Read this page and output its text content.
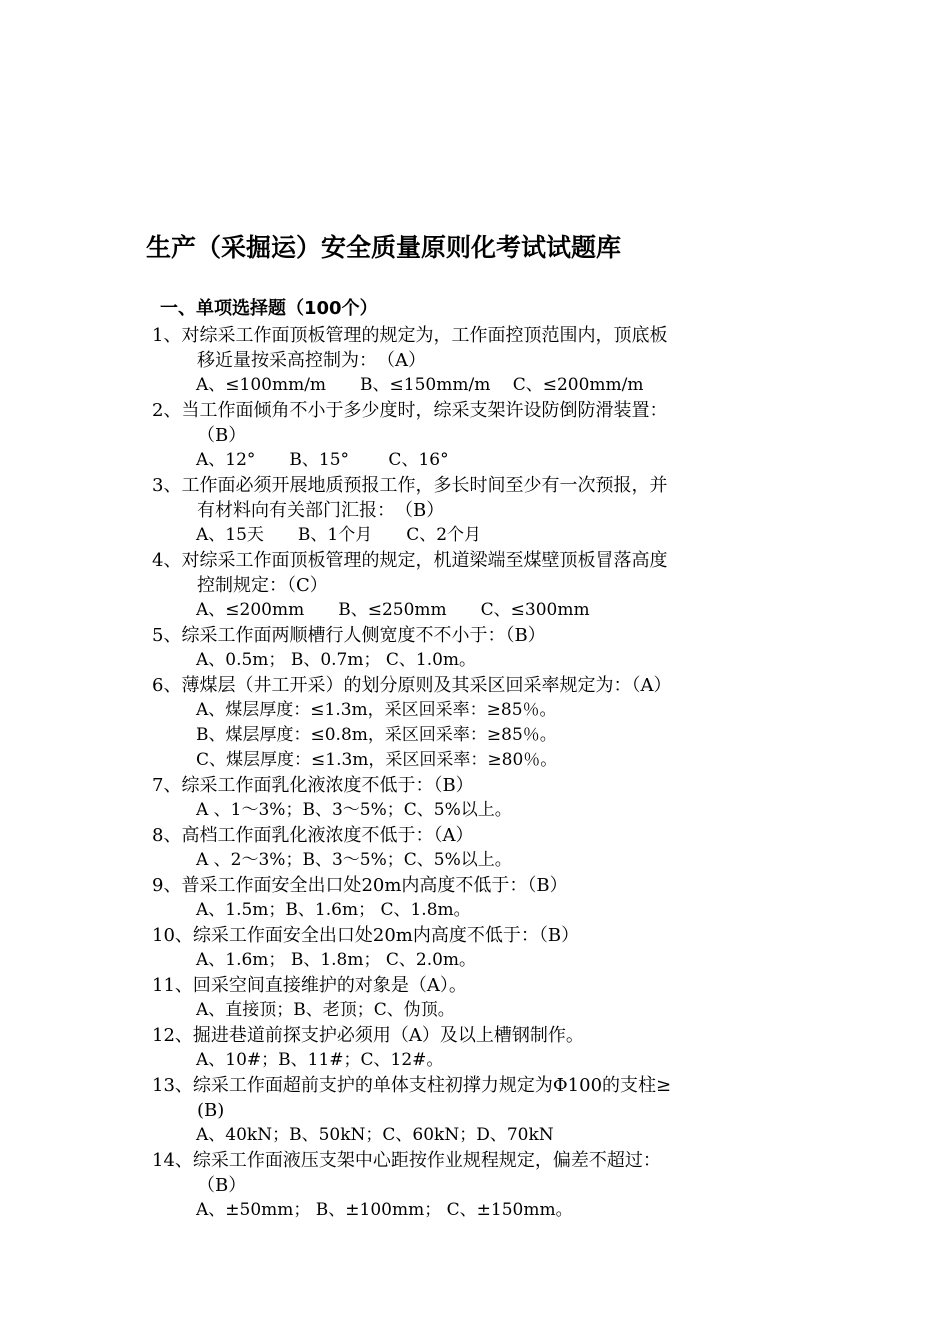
生产（采掘运）安全质量原则化考试试题库
一、单项选择题（100个）
1、对综采工作面顶板管理的规定为，工作面控顶范围内，顶底板
移近量按采高控制为：　（A）
A、≤100mm/m　　B、≤150mm/m　 C、≤200mm/m
2、当工作面倾角不小于多少度时，综采支架许设防倒防滑装置：
（B）
A、12°　　B、15°　　 C、16°
3、工作面必须开展地质预报工作，多长时间至少有一次预报，并
有材料向有关部门汇报：　（B）
A、15天　　B、1个月　　C、2个月
4、对综采工作面顶板管理的规定，机道梁端至煤壁顶板冒落高度
控制规定：（C）
A、≤200mm　　B、≤250mm　　C、≤300mm
5、综采工作面两顺槽行人侧宽度不不小于：（B）
A、0.5m； B、0.7m； C、1.0m。
6、薄煤层（井工开采）的划分原则及其采区回采率规定为：（A）
A、煤层厚度：≤1.3m，采区回采率：≥85％。
B、煤层厚度：≤0.8m，采区回采率：≥85％。
C、煤层厚度：≤1.3m，采区回采率：≥80％。
7、综采工作面乳化液浓度不低于：（B）
A 、1～3%；B、3～5%；C、5%以上。
8、高档工作面乳化液浓度不低于：（A）
A 、2～3%；B、3～5%；C、5%以上。
9、普采工作面安全出口处20m内高度不低于：（B）
A、1.5m；B、1.6m； C、1.8m。
10、综采工作面安全出口处20m内高度不低于：（B）
A、1.6m； B、1.8m； C、2.0m。
11、回采空间直接维护的对象是（A）。
A、直接顶；B、老顶；C、伪顶。
12、掘进巷道前探支护必须用（A）及以上槽钢制作。
A、10#；B、11#；C、12#。
13、综采工作面超前支护的单体支柱初撑力规定为Φ100的支柱≥
(B)
A、40kN；B、50kN；C、60kN；D、70kN
14、综采工作面液压支架中心距按作业规程规定，偏差不超过：
（B）
A、±50mm； B、±100mm； C、±150mm。
